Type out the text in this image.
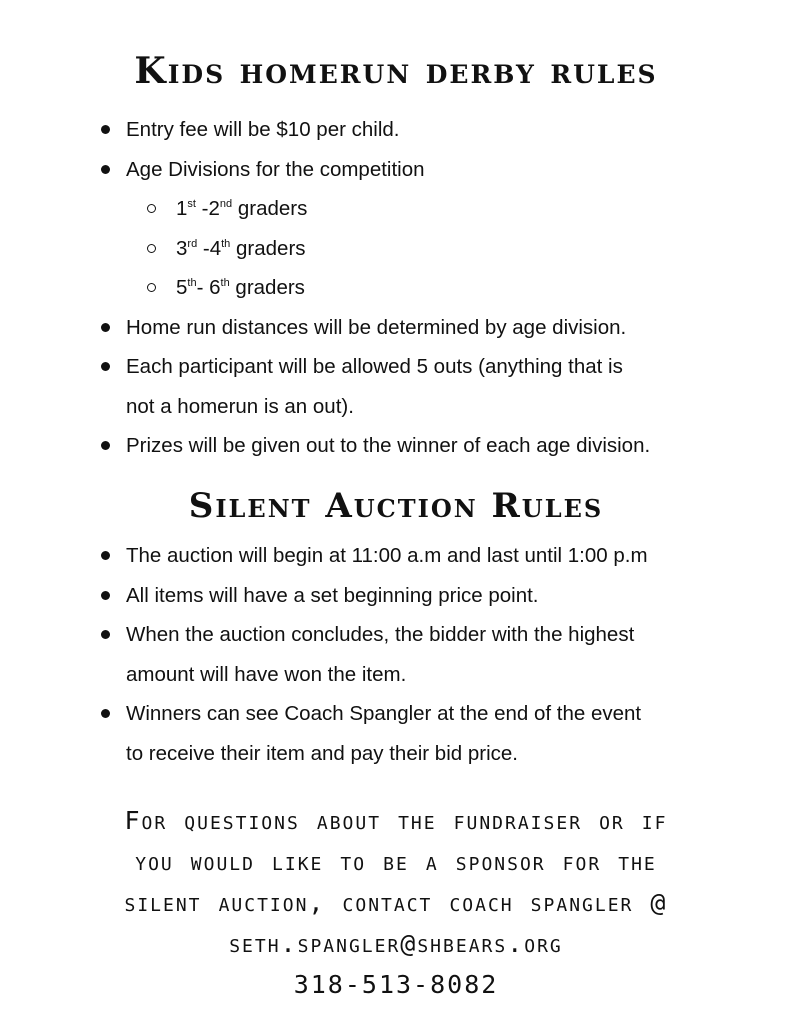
Kids homerun derby rules
Entry fee will be $10 per child.
Age Divisions for the competition
1st -2nd graders
3rd -4th graders
5th- 6th graders
Home run distances will be determined by age division.
Each participant will be allowed 5 outs (anything that is
not a homerun is an out).
Prizes will be given out to the winner of each age division.
Silent Auction Rules
The auction will begin at 11:00 a.m and last until 1:00 p.m
All items will have a set beginning price point.
When the auction concludes, the bidder with the highest
amount will have won the item.
Winners can see Coach Spangler at the end of the event
to receive their item and pay their bid price.
For questions about the fundraiser or if
you would like to be a sponsor for the
silent auction, contact coach spangler @
seth.spangler@shbears.org
318-513-8082
